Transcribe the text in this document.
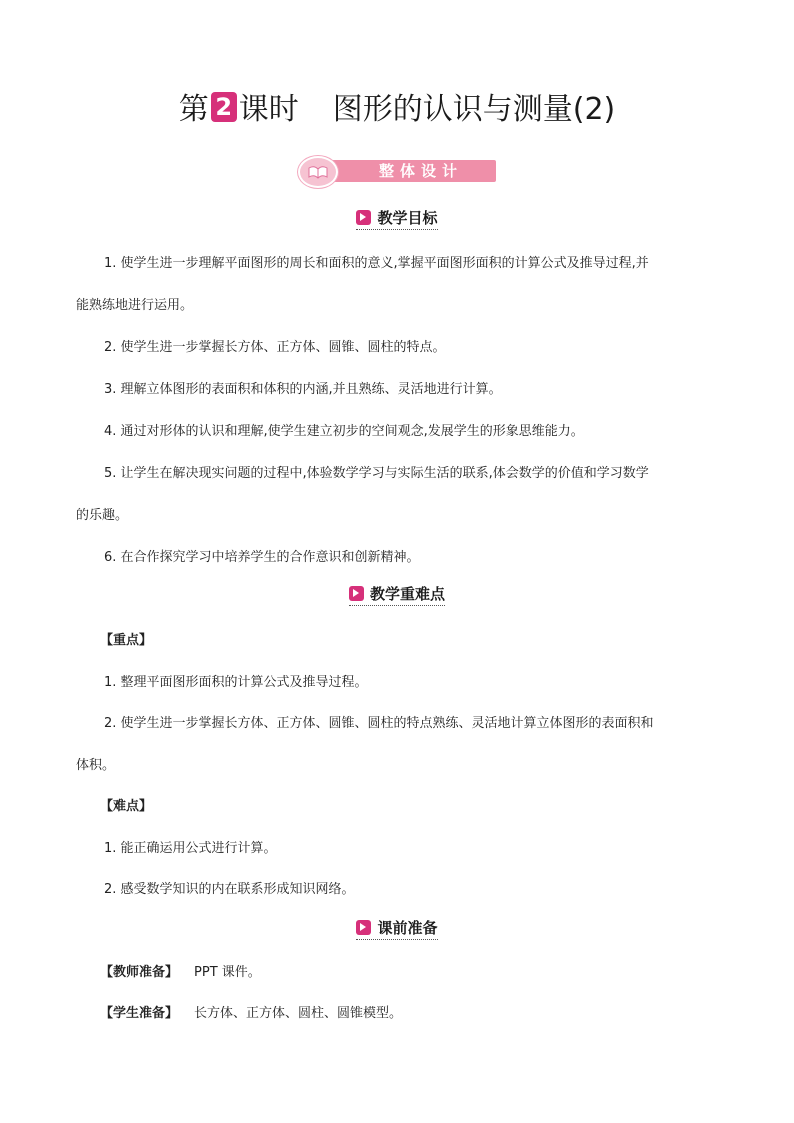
第 2 课时 图形的认识与测量(2)
整体设计
教学目标
1. 使学生进一步理解平面图形的周长和面积的意义,掌握平面图形面积的计算公式及推导过程,并
能熟练地进行运用。
2. 使学生进一步掌握长方体、正方体、圆锥、圆柱的特点。
3. 理解立体图形的表面积和体积的内涵,并且熟练、灵活地进行计算。
4. 通过对形体的认识和理解,使学生建立初步的空间观念,发展学生的形象思维能力。
5. 让学生在解决现实问题的过程中,体验数学学习与实际生活的联系,体会数学的价值和学习数学
的乐趣。
6. 在合作探究学习中培养学生的合作意识和创新精神。
教学重难点
【重点】
1. 整理平面图形面积的计算公式及推导过程。
2. 使学生进一步掌握长方体、正方体、圆锥、圆柱的特点熟练、灵活地计算立体图形的表面积和
体积。
【难点】
1. 能正确运用公式进行计算。
2. 感受数学知识的内在联系形成知识网络。
课前准备
【教师准备】 PPT 课件。
【学生准备】 长方体、正方体、圆柱、圆锥模型。
